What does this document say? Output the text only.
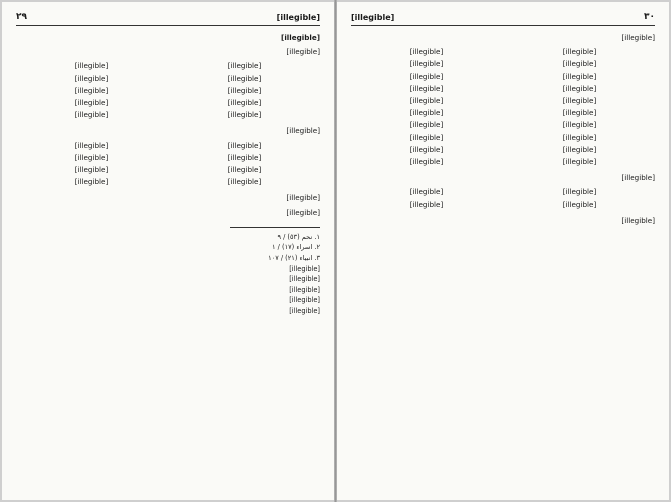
[illegible]
٢٩

[illegible]

[illegible]

[illegible]
[illegible]
[illegible]
[illegible]
[illegible]
[illegible]
[illegible]
[illegible]
[illegible]
[illegible]

[illegible]

[illegible]
[illegible]
[illegible]
[illegible]
[illegible]
[illegible]
[illegible]
[illegible]

[illegible]

[illegible]

١. نحم (٥٣) / ٩
٢. اسراء (١٧) / ١
٣. انبیاء (٢١) / ١٠٧
[illegible]
[illegible]
[illegible]
[illegible]
[illegible]
٣٠
[illegible]

[illegible]

[illegible]
[illegible]
[illegible]
[illegible]
[illegible]
[illegible]
[illegible]
[illegible]
[illegible]
[illegible]
[illegible]
[illegible]
[illegible]
[illegible]
[illegible]
[illegible]
[illegible]
[illegible]
[illegible]
[illegible]

[illegible]

[illegible]
[illegible]
[illegible]
[illegible]

[illegible]
